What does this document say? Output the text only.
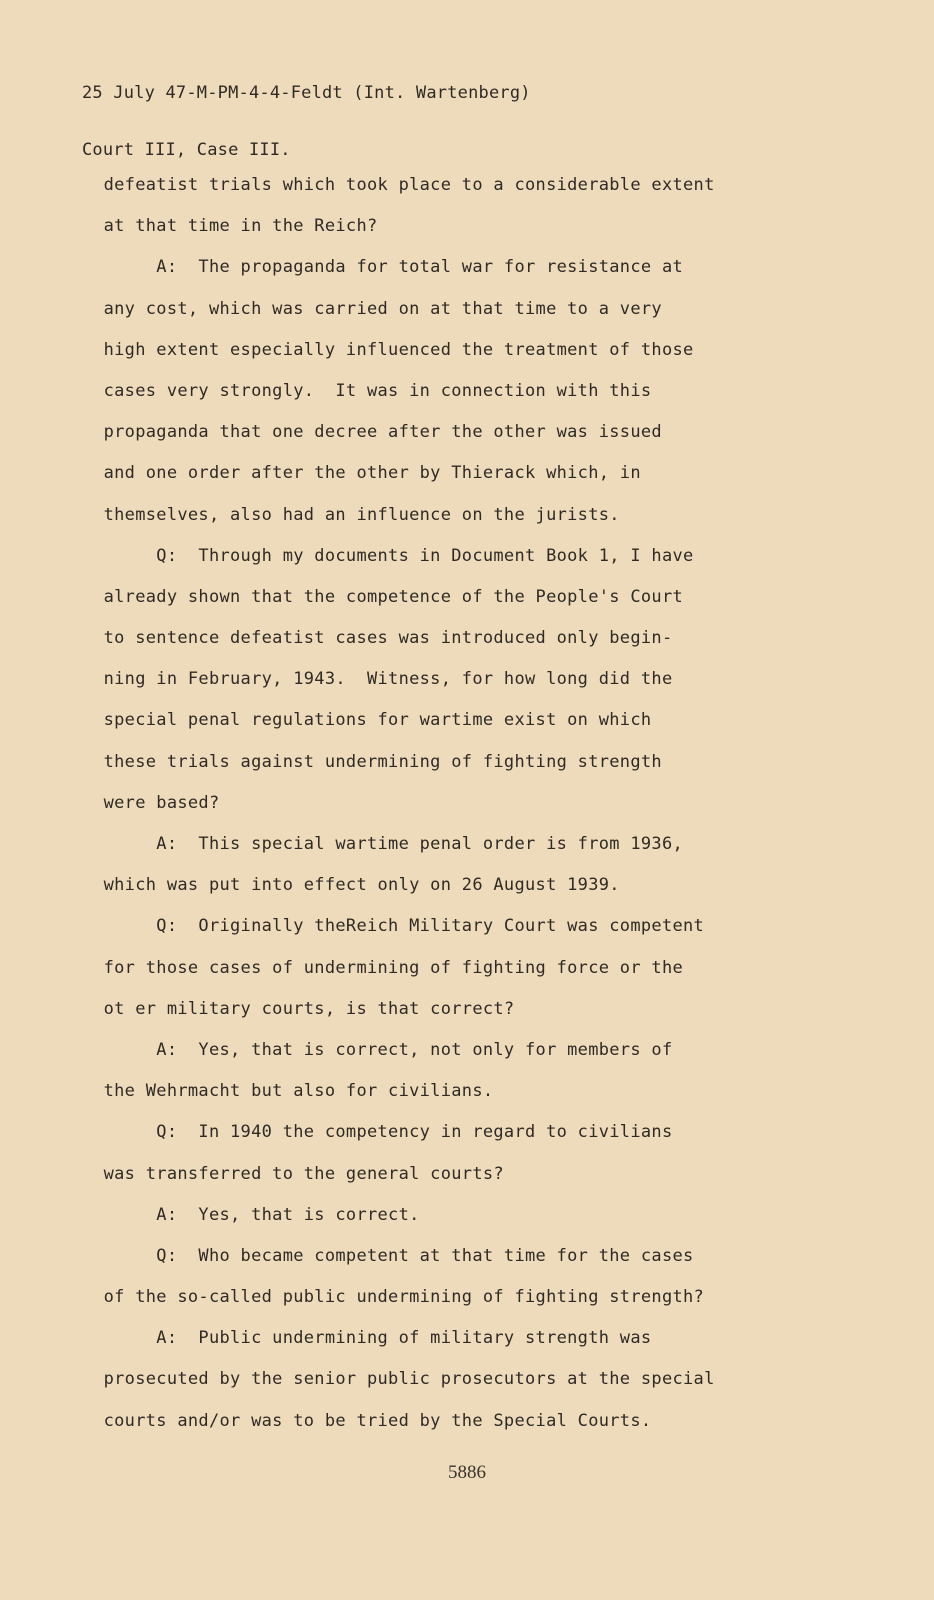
25 July 47-M-PM-4-4-Feldt (Int. Wartenberg)

Court III, Case III.

defeatist trials which took place to a considerable extent
at that time in the Reich?
A:  The propaganda for total war for resistance at
any cost, which was carried on at that time to a very
high extent especially influenced the treatment of those
cases very strongly.  It was in connection with this
propaganda that one decree after the other was issued
and one order after the other by Thierack which, in
themselves, also had an influence on the jurists.
Q:  Through my documents in Document Book 1, I have
already shown that the competence of the People's Court
to sentence defeatist cases was introduced only begin-
ning in February, 1943.  Witness, for how long did the
special penal regulations for wartime exist on which
these trials against undermining of fighting strength
were based?
A:  This special wartime penal order is from 1936,
which was put into effect only on 26 August 1939.
Q:  Originally theReich Military Court was competent
for those cases of undermining of fighting force or the
ot er military courts, is that correct?
A:  Yes, that is correct, not only for members of
the Wehrmacht but also for civilians.
Q:  In 1940 the competency in regard to civilians
was transferred to the general courts?
A:  Yes, that is correct.
Q:  Who became competent at that time for the cases
of the so-called public undermining of fighting strength?
A:  Public undermining of military strength was
prosecuted by the senior public prosecutors at the special
courts and/or was to be tried by the Special Courts.
5886
